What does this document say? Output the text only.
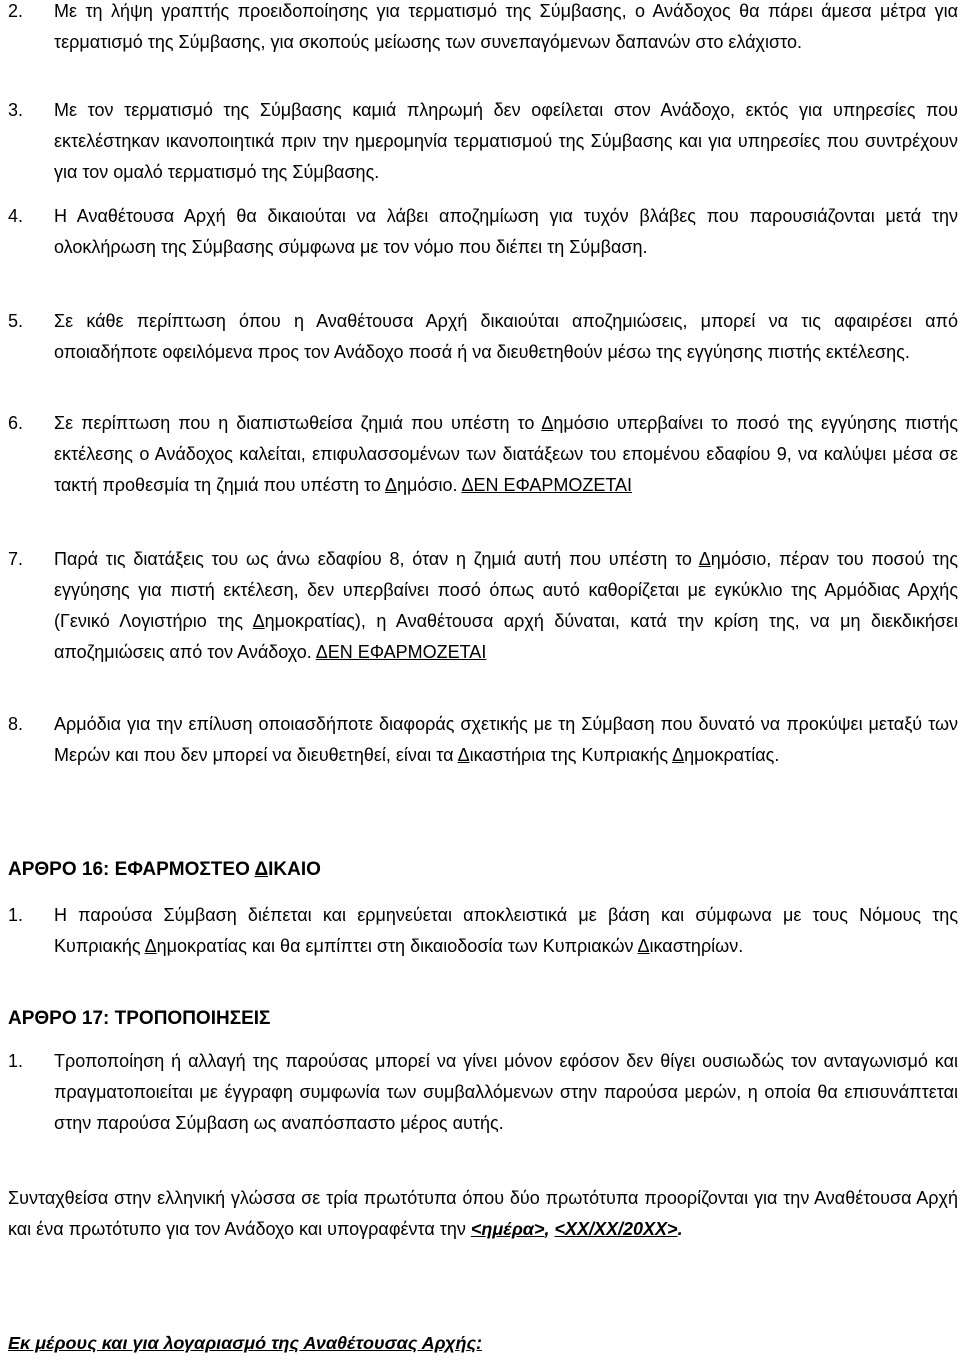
2. Με τη λήψη γραπτής προειδοποίησης για τερματισμό της Σύμβασης, ο Ανάδοχος θα πάρει άμεσα μέτρα για τερματισμό της Σύμβασης, για σκοπούς μείωσης των συνεπαγόμενων δαπανών στο ελάχιστο.
3. Με τον τερματισμό της Σύμβασης καμιά πληρωμή δεν οφείλεται στον Ανάδοχο, εκτός για υπηρεσίες που εκτελέστηκαν ικανοποιητικά πριν την ημερομηνία τερματισμού της Σύμβασης και για υπηρεσίες που συντρέχουν για τον ομαλό τερματισμό της Σύμβασης.
4. Η Αναθέτουσα Αρχή θα δικαιούται να λάβει αποζημίωση για τυχόν βλάβες που παρουσιάζονται μετά την ολοκλήρωση της Σύμβασης σύμφωνα με τον νόμο που διέπει τη Σύμβαση.
5. Σε κάθε περίπτωση όπου η Αναθέτουσα Αρχή δικαιούται αποζημιώσεις, μπορεί να τις αφαιρέσει από οποιαδήποτε οφειλόμενα προς τον Ανάδοχο ποσά ή να διευθετηθούν μέσω της εγγύησης πιστής εκτέλεσης.
6. Σε περίπτωση που η διαπιστωθείσα ζημιά που υπέστη το Δημόσιο υπερβαίνει το ποσό της εγγύησης πιστής εκτέλεσης ο Ανάδοχος καλείται, επιφυλασσομένων των διατάξεων του επομένου εδαφίου 9, να καλύψει μέσα σε τακτή προθεσμία τη ζημιά που υπέστη το Δημόσιο. ΔΕΝ ΕΦΑΡΜΟΖΕΤΑΙ
7. Παρά τις διατάξεις του ως άνω εδαφίου 8, όταν η ζημιά αυτή που υπέστη το Δημόσιο, πέραν του ποσού της εγγύησης για πιστή εκτέλεση, δεν υπερβαίνει ποσό όπως αυτό καθορίζεται με εγκύκλιο της Αρμόδιας Αρχής (Γενικό Λογιστήριο της Δημοκρατίας), η Αναθέτουσα αρχή δύναται, κατά την κρίση της, να μη διεκδικήσει αποζημιώσεις από τον Ανάδοχο. ΔΕΝ ΕΦΑΡΜΟΖΕΤΑΙ
8. Αρμόδια για την επίλυση οποιασδήποτε διαφοράς σχετικής με τη Σύμβαση που δυνατό να προκύψει μεταξύ των Μερών και που δεν μπορεί να διευθετηθεί, είναι τα Δικαστήρια της Κυπριακής Δημοκρατίας.
ΑΡΘΡΟ 16: ΕΦΑΡΜΟΣΤΕΟ ΔΙΚΑΙΟ
1. Η παρούσα Σύμβαση διέπεται και ερμηνεύεται αποκλειστικά με βάση και σύμφωνα με τους Νόμους της Κυπριακής Δημοκρατίας και θα εμπίπτει στη δικαιοδοσία των Κυπριακών Δικαστηρίων.
ΑΡΘΡΟ 17: ΤΡΟΠΟΠΟΙΗΣΕΙΣ
1. Τροποποίηση ή αλλαγή της παρούσας μπορεί να γίνει μόνον εφόσον δεν θίγει ουσιωδώς τον ανταγωνισμό και πραγματοποιείται με έγγραφη συμφωνία των συμβαλλόμενων στην παρούσα μερών, η οποία θα επισυνάπτεται στην παρούσα Σύμβαση ως αναπόσπαστο μέρος αυτής.
Συνταχθείσα στην ελληνική γλώσσα σε τρία πρωτότυπα όπου δύο πρωτότυπα προορίζονται για την Αναθέτουσα Αρχή και ένα πρωτότυπο για τον Ανάδοχο και υπογραφέντα την <ημέρα>, <XX/XX/20XX>.
Εκ μέρους και για λογαριασμό της Αναθέτουσας Αρχής:
